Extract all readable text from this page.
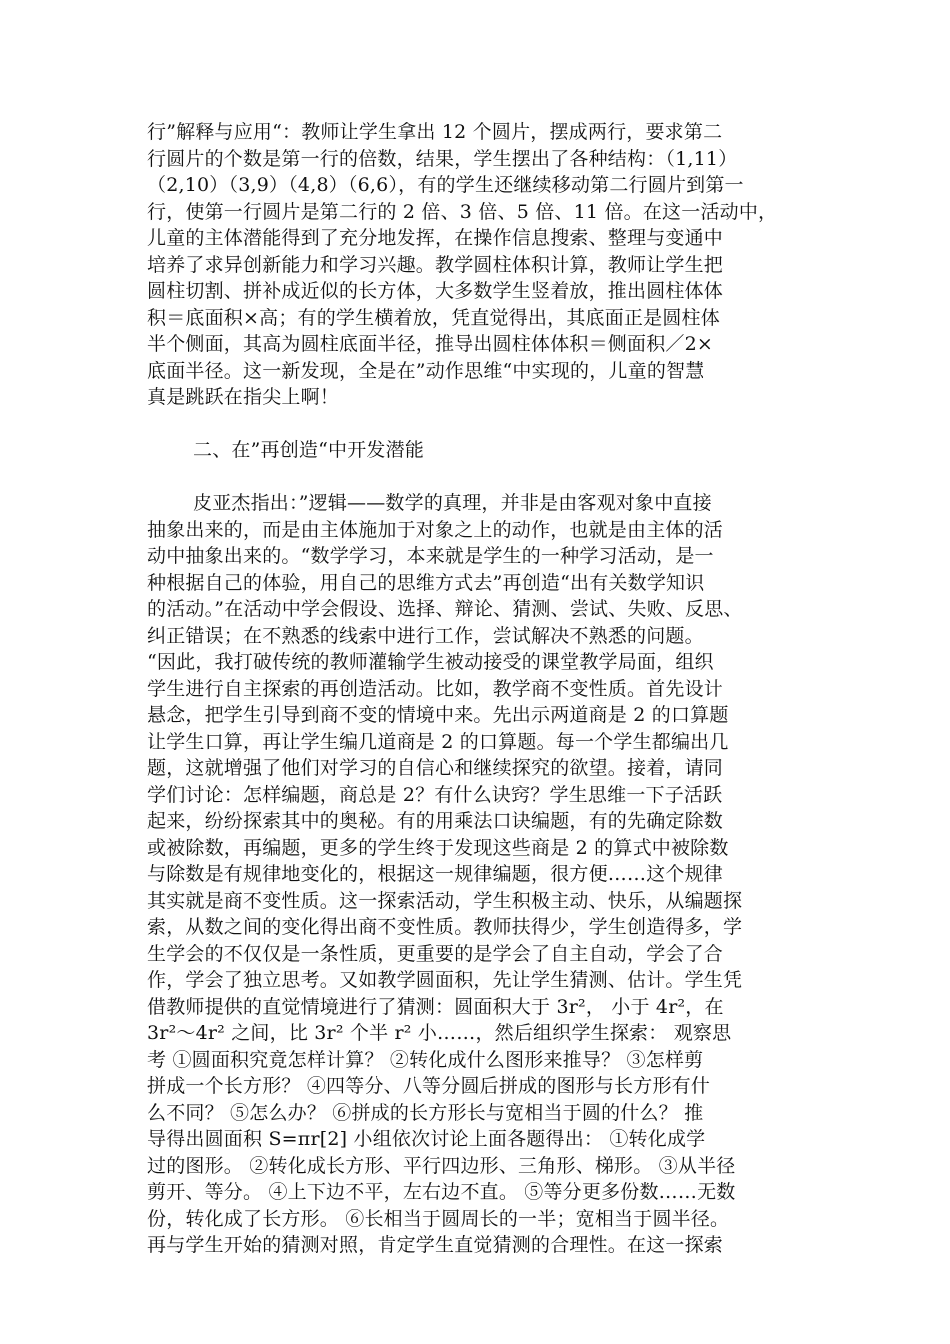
行”解释与应用“：教师让学生拿出 12 个圆片，摆成两行，要求第二
行圆片的个数是第一行的倍数，结果，学生摆出了各种结构：（1,11）
（2,10）（3,9）（4,8）（6,6），有的学生还继续移动第二行圆片到第一
行，使第一行圆片是第二行的 2 倍、3 倍、5 倍、11 倍。在这一活动中，
儿童的主体潜能得到了充分地发挥，在操作信息搜索、整理与变通中
培养了求异创新能力和学习兴趣。教学圆柱体积计算，教师让学生把
圆柱切割、拼补成近似的长方体，大多数学生竖着放，推出圆柱体体
积＝底面积×高；有的学生横着放，凭直觉得出，其底面正是圆柱体
半个侧面，其高为圆柱底面半径，推导出圆柱体体积＝侧面积／2×
底面半径。这一新发现，全是在”动作思维“中实现的，儿童的智慧
真是跳跃在指尖上啊！
二、在”再创造“中开发潜能
皮亚杰指出：”逻辑——数学的真理，并非是由客观对象中直接
抽象出来的，而是由主体施加于对象之上的动作，也就是由主体的活
动中抽象出来的。“数学学习，本来就是学生的一种学习活动，是一
种根据自己的体验，用自己的思维方式去”再创造“出有关数学知识
的活动。”在活动中学会假设、选择、辩论、猜测、尝试、失败、反思、
纠正错误；在不熟悉的线索中进行工作，尝试解决不熟悉的问题。
“因此，我打破传统的教师灌输学生被动接受的课堂教学局面，组织
学生进行自主探索的再创造活动。比如，教学商不变性质。首先设计
悬念，把学生引导到商不变的情境中来。先出示两道商是 2 的口算题
让学生口算，再让学生编几道商是 2 的口算题。每一个学生都编出几
题，这就增强了他们对学习的自信心和继续探究的欲望。接着，请同
学们讨论：怎样编题，商总是 2？有什么诀窍？学生思维一下子活跃
起来，纷纷探索其中的奥秘。有的用乘法口诀编题，有的先确定除数
或被除数，再编题，更多的学生终于发现这些商是 2 的算式中被除数
与除数是有规律地变化的，根据这一规律编题，很方便……这个规律
其实就是商不变性质。这一探索活动，学生积极主动、快乐，从编题探
索，从数之间的变化得出商不变性质。教师扶得少，学生创造得多，学
生学会的不仅仅是一条性质，更重要的是学会了自主自动，学会了合
作，学会了独立思考。又如教学圆面积，先让学生猜测、估计。学生凭
借教师提供的直觉情境进行了猜测：圆面积大于 3r²， 小于 4r²，在
3r²～4r² 之间，比 3r² 个半 r² 小……，然后组织学生探索： 观察思
考 ①圆面积究竟怎样计算？ ②转化成什么图形来推导？ ③怎样剪
拼成一个长方形？ ④四等分、八等分圆后拼成的图形与长方形有什
么不同？ ⑤怎么办？ ⑥拼成的长方形长与宽相当于圆的什么？ 推
导得出圆面积 S=πr[2] 小组依次讨论上面各题得出： ①转化成学
过的图形。 ②转化成长方形、平行四边形、三角形、梯形。 ③从半径
剪开、等分。 ④上下边不平，左右边不直。 ⑤等分更多份数……无数
份，转化成了长方形。 ⑥长相当于圆周长的一半；宽相当于圆半径。
再与学生开始的猜测对照，肯定学生直觉猜测的合理性。在这一探索
